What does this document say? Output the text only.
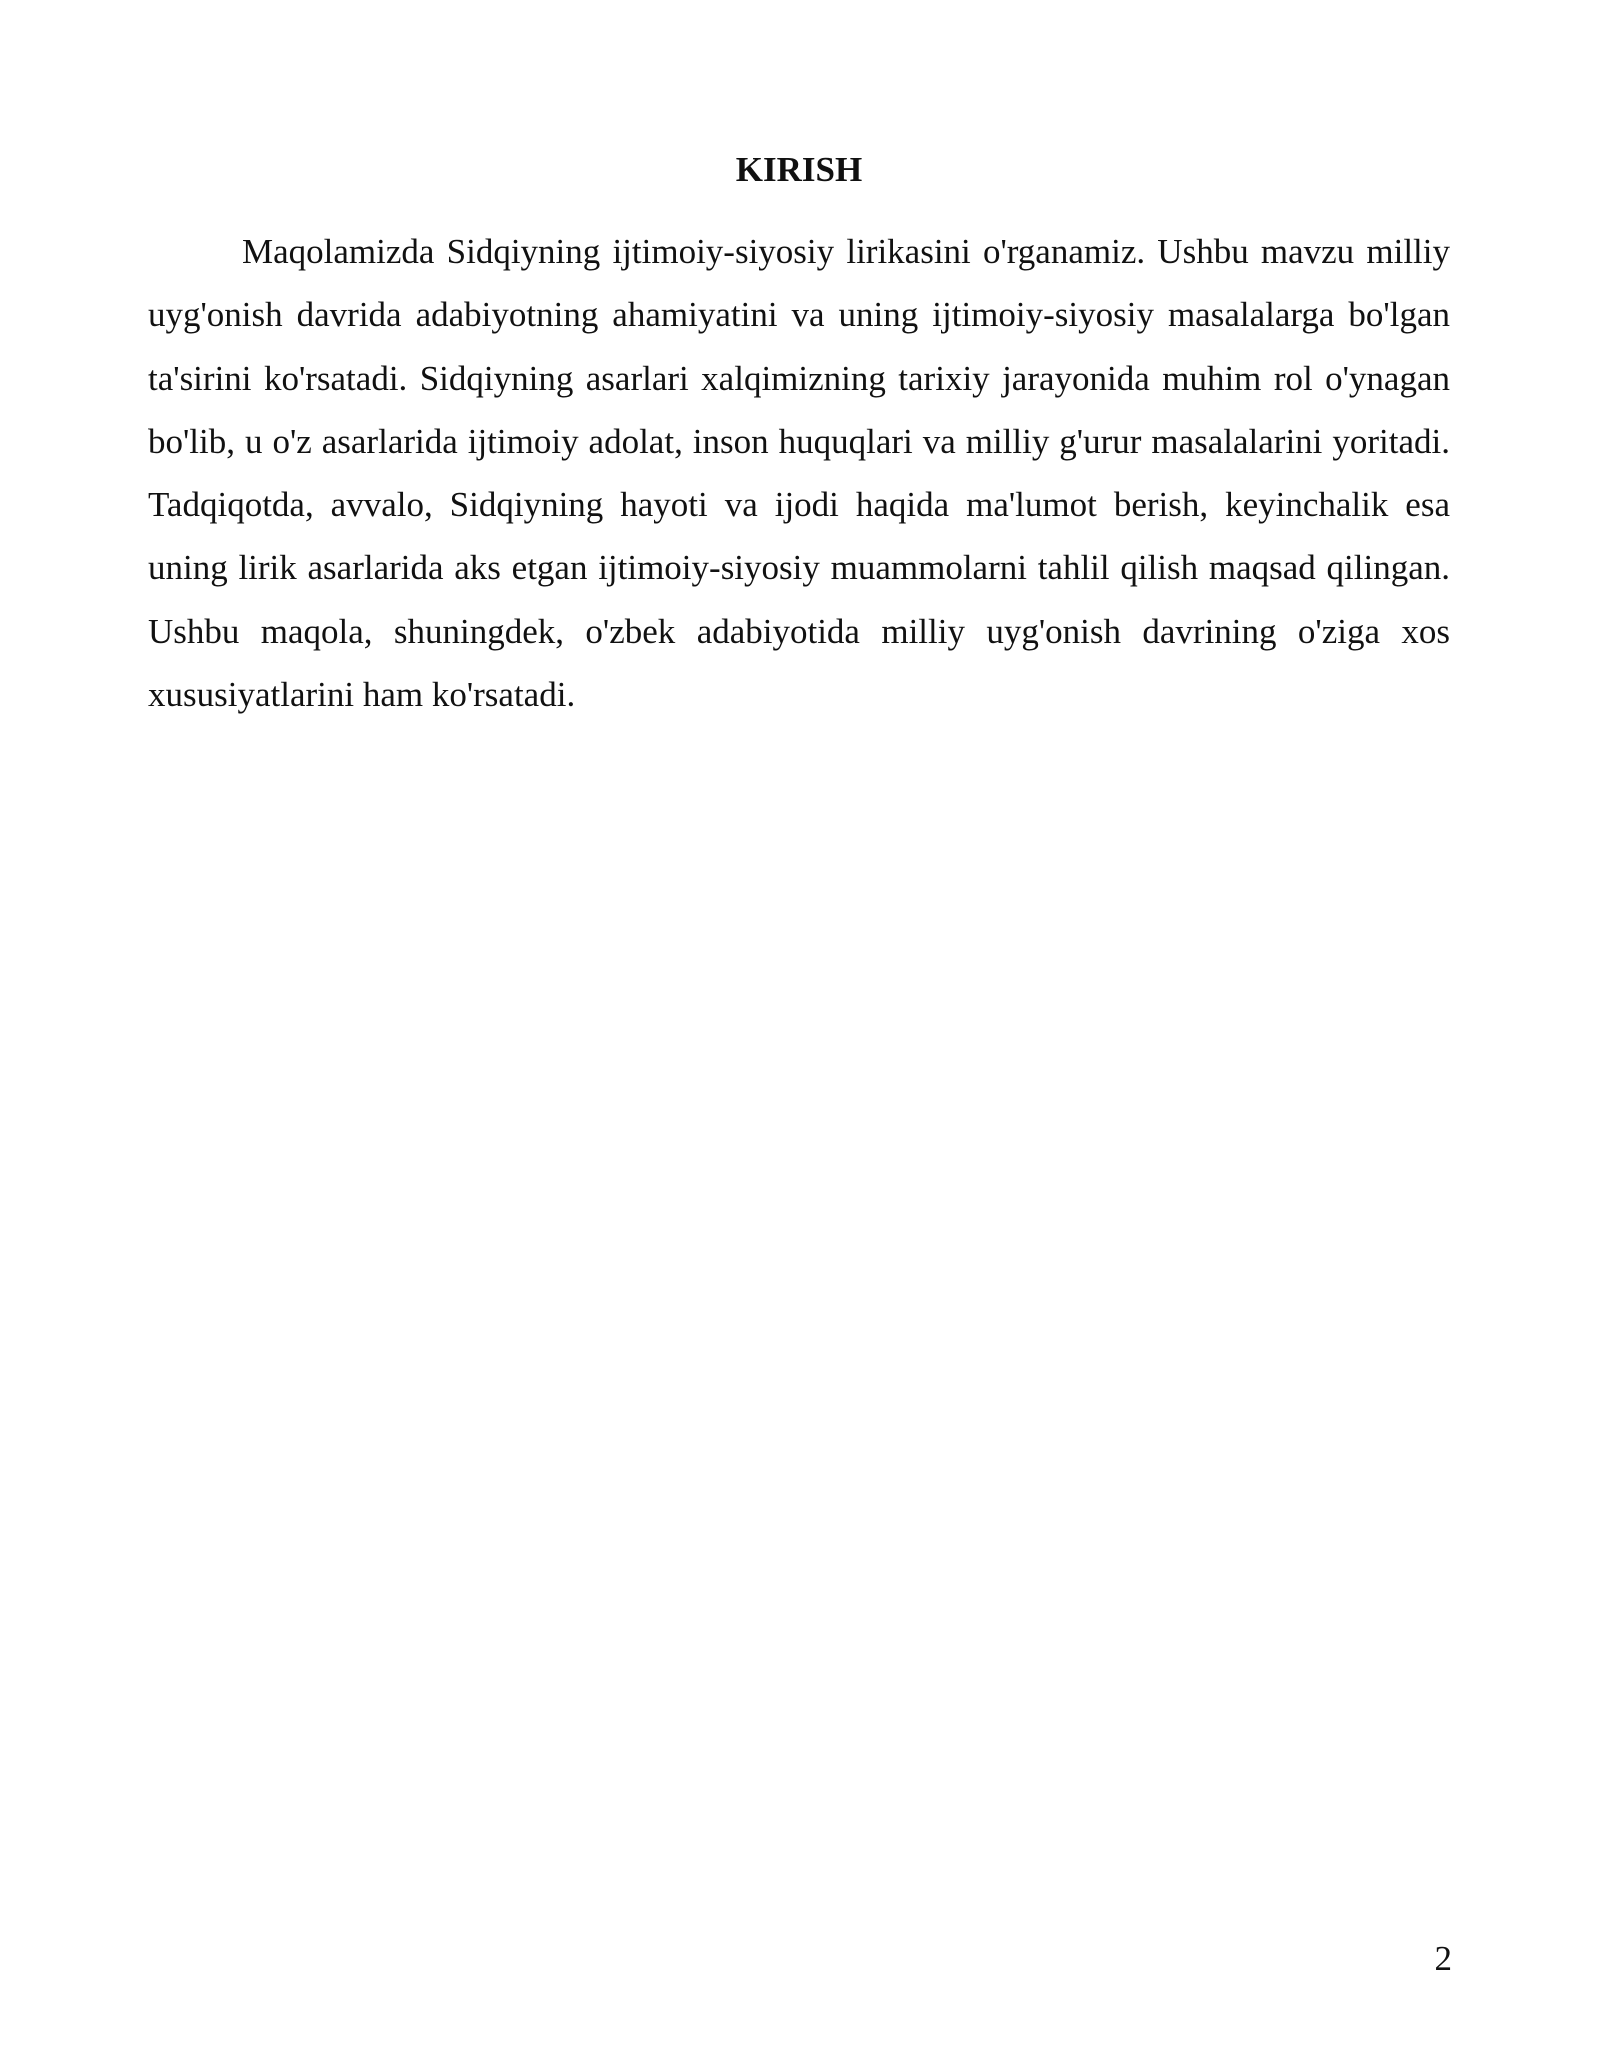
KIRISH

Maqolamizda Sidqiyning ijtimoiy-siyosiy lirikasini o'rganamiz. Ushbu mavzu milliy uyg'onish davrida adabiyotning ahamiyatini va uning ijtimoiy-siyosiy masalalarga bo'lgan ta'sirini ko'rsatadi. Sidqiyning asarlari xalqimizning tarixiy jarayonida muhim rol o'ynagan bo'lib, u o'z asarlarida ijtimoiy adolat, inson huquqlari va milliy g'urur masalalarini yoritadi. Tadqiqotda, avvalo, Sidqiyning hayoti va ijodi haqida ma'lumot berish, keyinchalik esa uning lirik asarlarida aks etgan ijtimoiy-siyosiy muammolarni tahlil qilish maqsad qilingan. Ushbu maqola, shuningdek, o'zbek adabiyotida milliy uyg'onish davrining o'ziga xos xususiyatlarini ham ko'rsatadi.

2
